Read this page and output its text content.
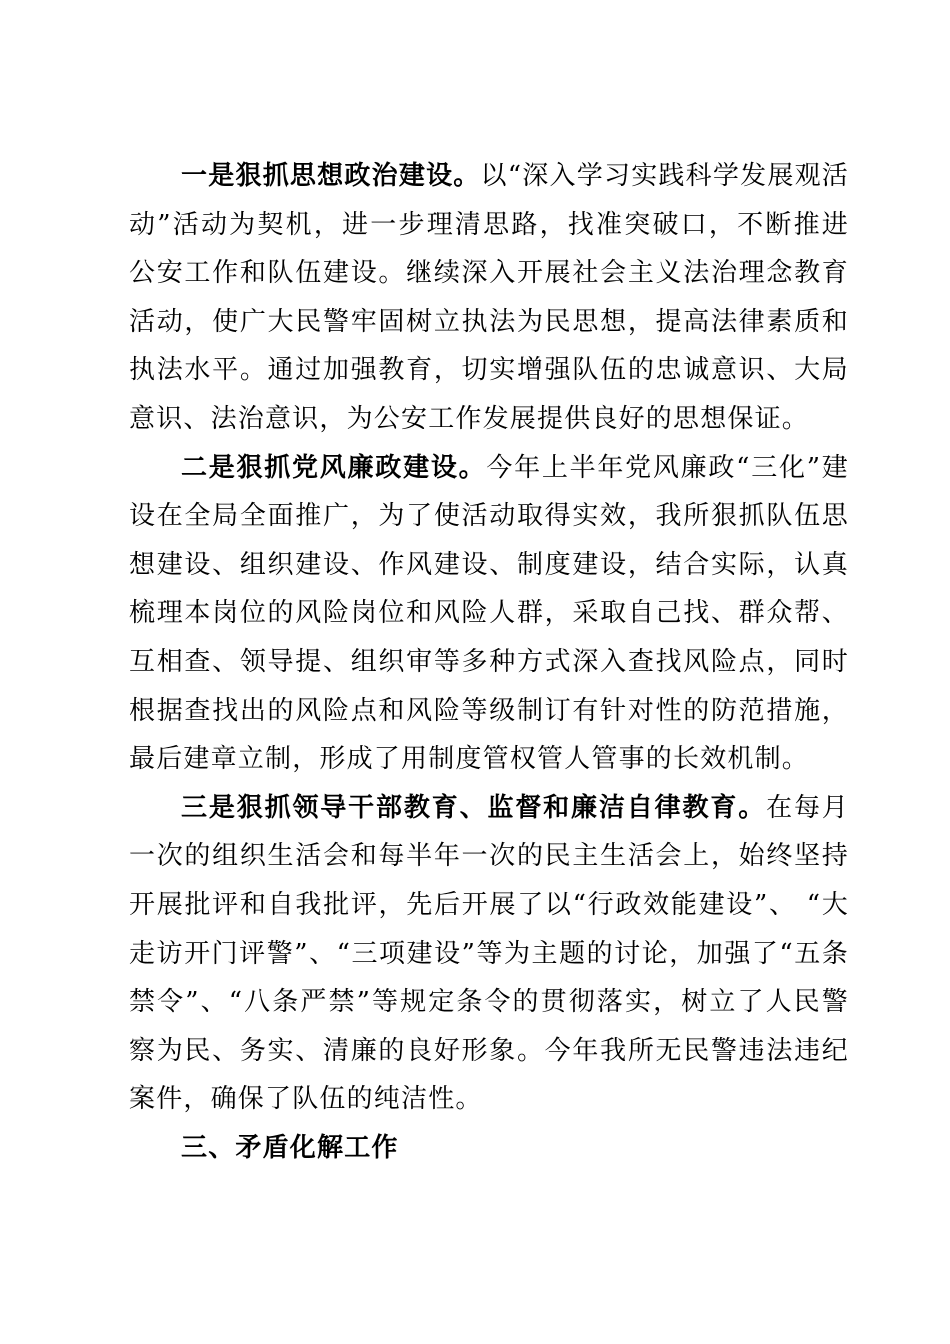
一是狠抓思想政治建设。以“深入学习实践科学发展观活动”活动为契机，进一步理清思路，找准突破口，不断推进公安工作和队伍建设。继续深入开展社会主义法治理念教育活动，使广大民警牢固树立执法为民思想，提高法律素质和执法水平。通过加强教育，切实增强队伍的忠诚意识、大局意识、法治意识，为公安工作发展提供良好的思想保证。

二是狠抓党风廉政建设。今年上半年党风廉政“三化”建设在全局全面推广，为了使活动取得实效，我所狠抓队伍思想建设、组织建设、作风建设、制度建设，结合实际，认真梳理本岗位的风险岗位和风险人群，采取自己找、群众帮、互相查、领导提、组织审等多种方式深入查找风险点，同时根据查找出的风险点和风险等级制订有针对性的防范措施，最后建章立制，形成了用制度管权管人管事的长效机制。

三是狠抓领导干部教育、监督和廉洁自律教育。在每月一次的组织生活会和每半年一次的民主生活会上，始终坚持开展批评和自我批评，先后开展了以“行政效能建设”、 “大走访开门评警”、“三项建设”等为主题的讨论，加强了“五条禁令”、“八条严禁”等规定条令的贯彻落实，树立了人民警察为民、务实、清廉的良好形象。今年我所无民警违法违纪案件，确保了队伍的纯洁性。

三、矛盾化解工作
